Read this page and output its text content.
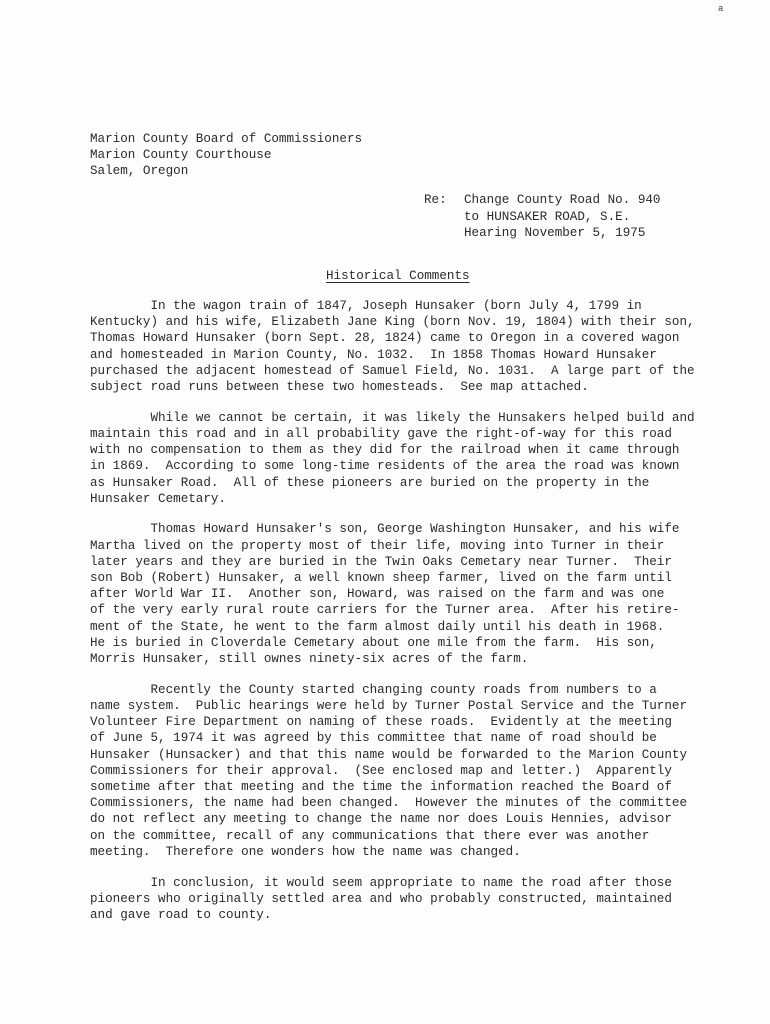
a
Marion County Board of Commissioners
Marion County Courthouse
Salem, Oregon
Re:	Change County Road No. 940
to HUNSAKER ROAD, S.E.
Hearing November 5, 1975
Historical Comments
In the wagon train of 1847, Joseph Hunsaker (born July 4, 1799 in
Kentucky) and his wife, Elizabeth Jane King (born Nov. 19, 1804) with their son,
Thomas Howard Hunsaker (born Sept. 28, 1824) came to Oregon in a covered wagon
and homesteaded in Marion County, No. 1032.  In 1858 Thomas Howard Hunsaker
purchased the adjacent homestead of Samuel Field, No. 1031.  A large part of the
subject road runs between these two homesteads.  See map attached.
While we cannot be certain, it was likely the Hunsakers helped build and
maintain this road and in all probability gave the right-of-way for this road
with no compensation to them as they did for the railroad when it came through
in 1869.  According to some long-time residents of the area the road was known
as Hunsaker Road.  All of these pioneers are buried on the property in the
Hunsaker Cemetary.
Thomas Howard Hunsaker's son, George Washington Hunsaker, and his wife
Martha lived on the property most of their life, moving into Turner in their
later years and they are buried in the Twin Oaks Cemetary near Turner.  Their
son Bob (Robert) Hunsaker, a well known sheep farmer, lived on the farm until
after World War II.  Another son, Howard, was raised on the farm and was one
of the very early rural route carriers for the Turner area.  After his retire-
ment of the State, he went to the farm almost daily until his death in 1968.
He is buried in Cloverdale Cemetary about one mile from the farm.  His son,
Morris Hunsaker, still ownes ninety-six acres of the farm.
Recently the County started changing county roads from numbers to a
name system.  Public hearings were held by Turner Postal Service and the Turner
Volunteer Fire Department on naming of these roads.  Evidently at the meeting
of June 5, 1974 it was agreed by this committee that name of road should be
Hunsaker (Hunsacker) and that this name would be forwarded to the Marion County
Commissioners for their approval.  (See enclosed map and letter.)  Apparently
sometime after that meeting and the time the information reached the Board of
Commissioners, the name had been changed.  However the minutes of the committee
do not reflect any meeting to change the name nor does Louis Hennies, advisor
on the committee, recall of any communications that there ever was another
meeting.  Therefore one wonders how the name was changed.
In conclusion, it would seem appropriate to name the road after those
pioneers who originally settled area and who probably constructed, maintained
and gave road to county.
